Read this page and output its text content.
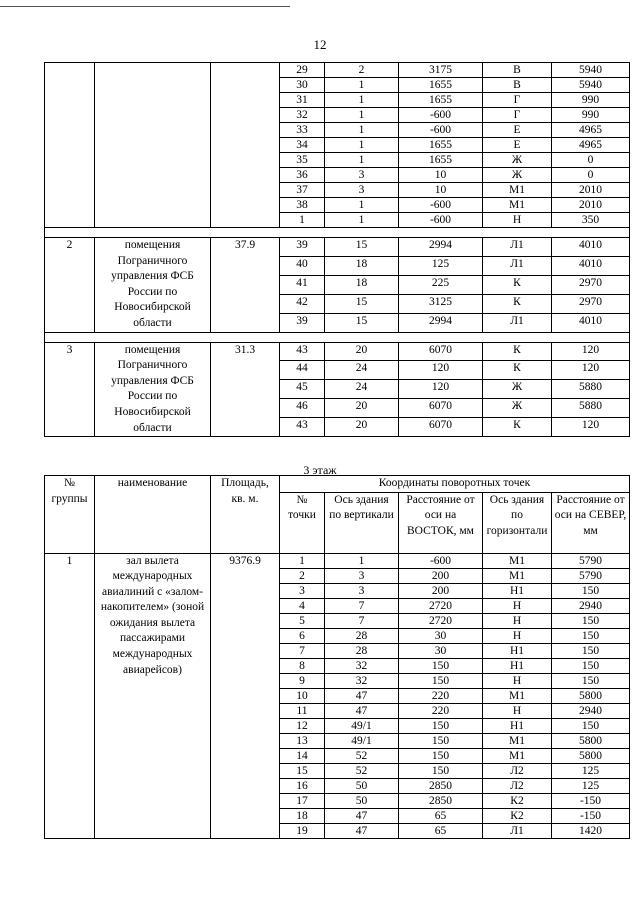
12
			29	2	3175	В	5940
			30	1	1655	В	5940
			31	1	1655	Г	990
			32	1	-600	Г	990
			33	1	-600	Е	4965
			34	1	1655	Е	4965
			35	1	1655	Ж	0
			36	3	10	Ж	0
			37	3	10	М1	2010
			38	1	-600	М1	2010
			1	1	-600	Н	350

2	помещения Пограничного управления ФСБ России по Новосибирской области	37.9	39	15	2994	Л1	4010
			40	18	125	Л1	4010
			41	18	225	К	2970
			42	15	3125	К	2970
			39	15	2994	Л1	4010

3	помещения Пограничного управления ФСБ России по Новосибирской области	31.3	43	20	6070	К	120
			44	24	120	К	120
			45	24	120	Ж	5880
			46	20	6070	Ж	5880
			43	20	6070	К	120
3 этаж
№ группы	наименование	Площадь, кв. м.	Координаты поворотных точек				
			№ точки	Ось здания по вертикали	Расстояние от оси на ВОСТОК, мм	Ось здания по горизонтали	Расстояние от оси на СЕВЕР, мм
1	зал вылета международных авиалиний с «залом-накопителем» (зоной ожидания вылета пассажирами международных авиарейсов)	9376.9	1	1	-600	М1	5790
			2	3	200	М1	5790
			3	3	200	Н1	150
			4	7	2720	Н	2940
			5	7	2720	Н	150
			6	28	30	Н	150
			7	28	30	Н1	150
			8	32	150	Н1	150
			9	32	150	Н	150
			10	47	220	М1	5800
			11	47	220	Н	2940
			12	49/1	150	Н1	150
			13	49/1	150	М1	5800
			14	52	150	М1	5800
			15	52	150	Л2	125
			16	50	2850	Л2	125
			17	50	2850	К2	-150
			18	47	65	К2	-150
			19	47	65	Л1	1420
